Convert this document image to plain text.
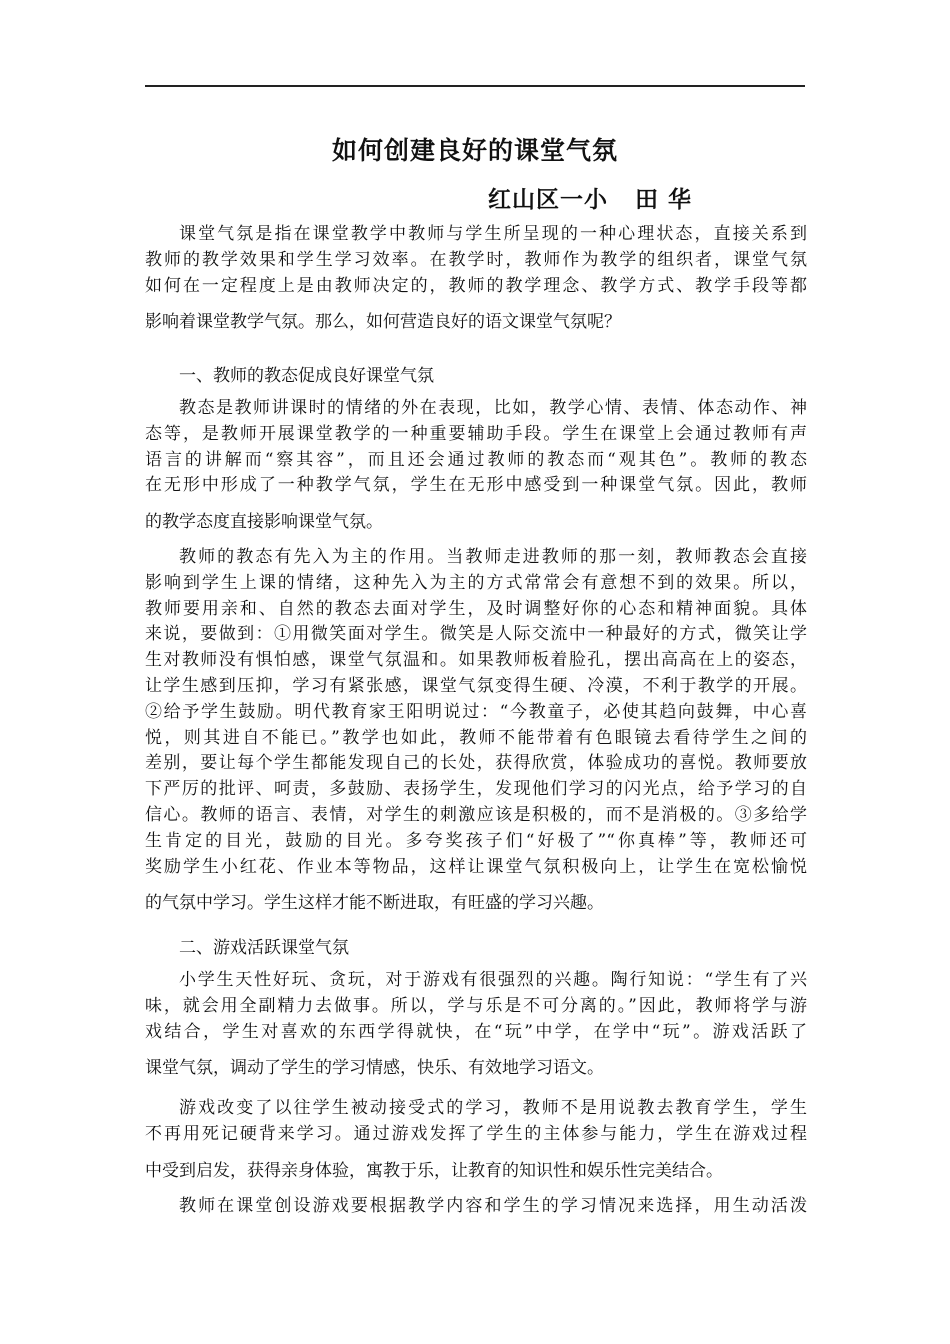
如何创建良好的课堂气氛
红山区一小   田 华
课堂气氛是指在课堂教学中教师与学生所呈现的一种心理状态，直接关系到
教师的教学效果和学生学习效率。在教学时，教师作为教学的组织者，课堂气氛
如何在一定程度上是由教师决定的，教师的教学理念、教学方式、教学手段等都
影响着课堂教学气氛。那么，如何营造良好的语文课堂气氛呢？
一、教师的教态促成良好课堂气氛
教态是教师讲课时的情绪的外在表现，比如，教学心情、表情、体态动作、神
态等，是教师开展课堂教学的一种重要辅助手段。学生在课堂上会通过教师有声
语言的讲解而“察其容”，而且还会通过教师的教态而“观其色”。教师的教态
在无形中形成了一种教学气氛，学生在无形中感受到一种课堂气氛。因此，教师
的教学态度直接影响课堂气氛。
教师的教态有先入为主的作用。当教师走进教师的那一刻，教师教态会直接
影响到学生上课的情绪，这种先入为主的方式常常会有意想不到的效果。所以，
教师要用亲和、自然的教态去面对学生，及时调整好你的心态和精神面貌。具体
来说，要做到：①用微笑面对学生。微笑是人际交流中一种最好的方式，微笑让学
生对教师没有惧怕感，课堂气氛温和。如果教师板着脸孔，摆出高高在上的姿态，
让学生感到压抑，学习有紧张感，课堂气氛变得生硬、冷漠，不利于教学的开展。
②给予学生鼓励。明代教育家王阳明说过：“今教童子，必使其趋向鼓舞，中心喜
悦，则其进自不能已。”教学也如此，教师不能带着有色眼镜去看待学生之间的
差别，要让每个学生都能发现自己的长处，获得欣赏，体验成功的喜悦。教师要放
下严厉的批评、呵责，多鼓励、表扬学生，发现他们学习的闪光点，给予学习的自
信心。教师的语言、表情，对学生的刺激应该是积极的，而不是消极的。③多给学
生肯定的目光，鼓励的目光。多夸奖孩子们“好极了”“你真棒”等，教师还可
奖励学生小红花、作业本等物品，这样让课堂气氛积极向上，让学生在宽松愉悦
的气氛中学习。学生这样才能不断进取，有旺盛的学习兴趣。
二、游戏活跃课堂气氛
小学生天性好玩、贪玩，对于游戏有很强烈的兴趣。陶行知说：“学生有了兴
味，就会用全副精力去做事。所以，学与乐是不可分离的。”因此，教师将学与游
戏结合，学生对喜欢的东西学得就快，在“玩”中学，在学中“玩”。游戏活跃了
课堂气氛，调动了学生的学习情感，快乐、有效地学习语文。
游戏改变了以往学生被动接受式的学习，教师不是用说教去教育学生，学生
不再用死记硬背来学习。通过游戏发挥了学生的主体参与能力，学生在游戏过程
中受到启发，获得亲身体验，寓教于乐，让教育的知识性和娱乐性完美结合。
教师在课堂创设游戏要根据教学内容和学生的学习情况来选择，用生动活泼
